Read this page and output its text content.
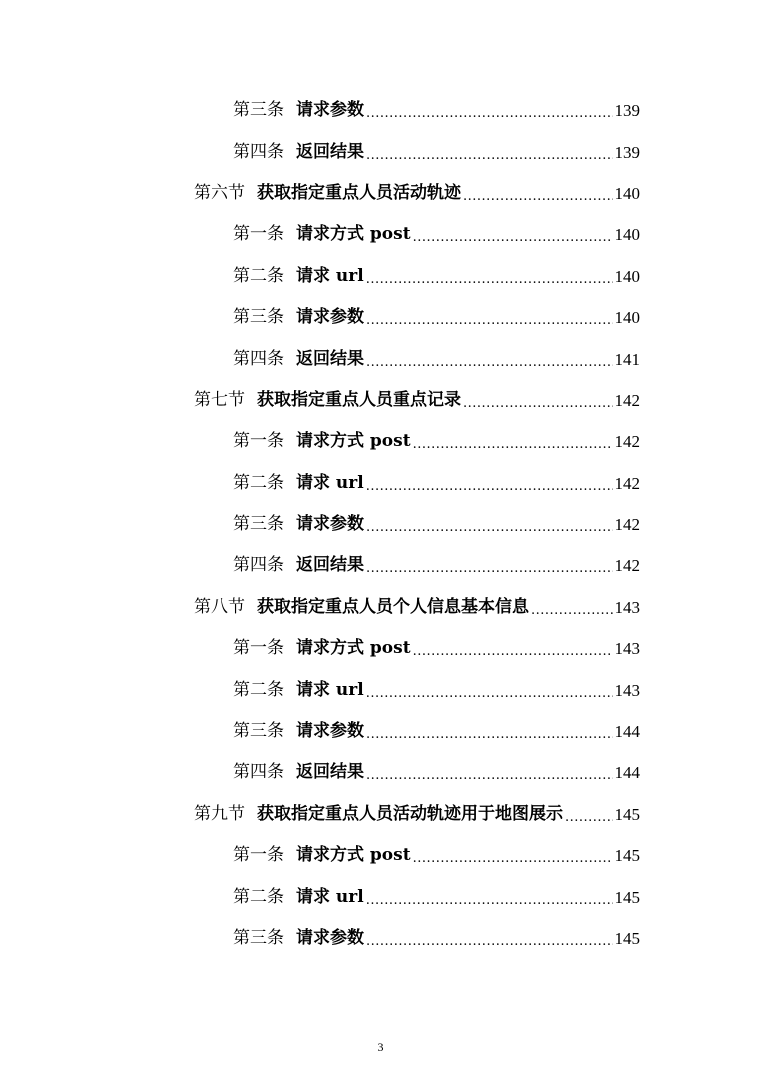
第三条 请求参数 .....	139
第四条 返回结果 .....	139
第六节 获取指定重点人员活动轨迹 .....	140
第一条 请求方式 post .....	140
第二条 请求 url .....	140
第三条 请求参数 .....	140
第四条 返回结果 .....	141
第七节 获取指定重点人员重点记录 .....	142
第一条 请求方式 post .....	142
第二条 请求 url .....	142
第三条 请求参数 .....	142
第四条 返回结果 .....	142
第八节 获取指定重点人员个人信息基本信息 .....	143
第一条 请求方式 post .....	143
第二条 请求 url .....	143
第三条 请求参数 .....	144
第四条 返回结果 .....	144
第九节 获取指定重点人员活动轨迹用于地图展示 .....	145
第一条 请求方式 post .....	145
第二条 请求 url .....	145
第三条 请求参数 .....	145
3
